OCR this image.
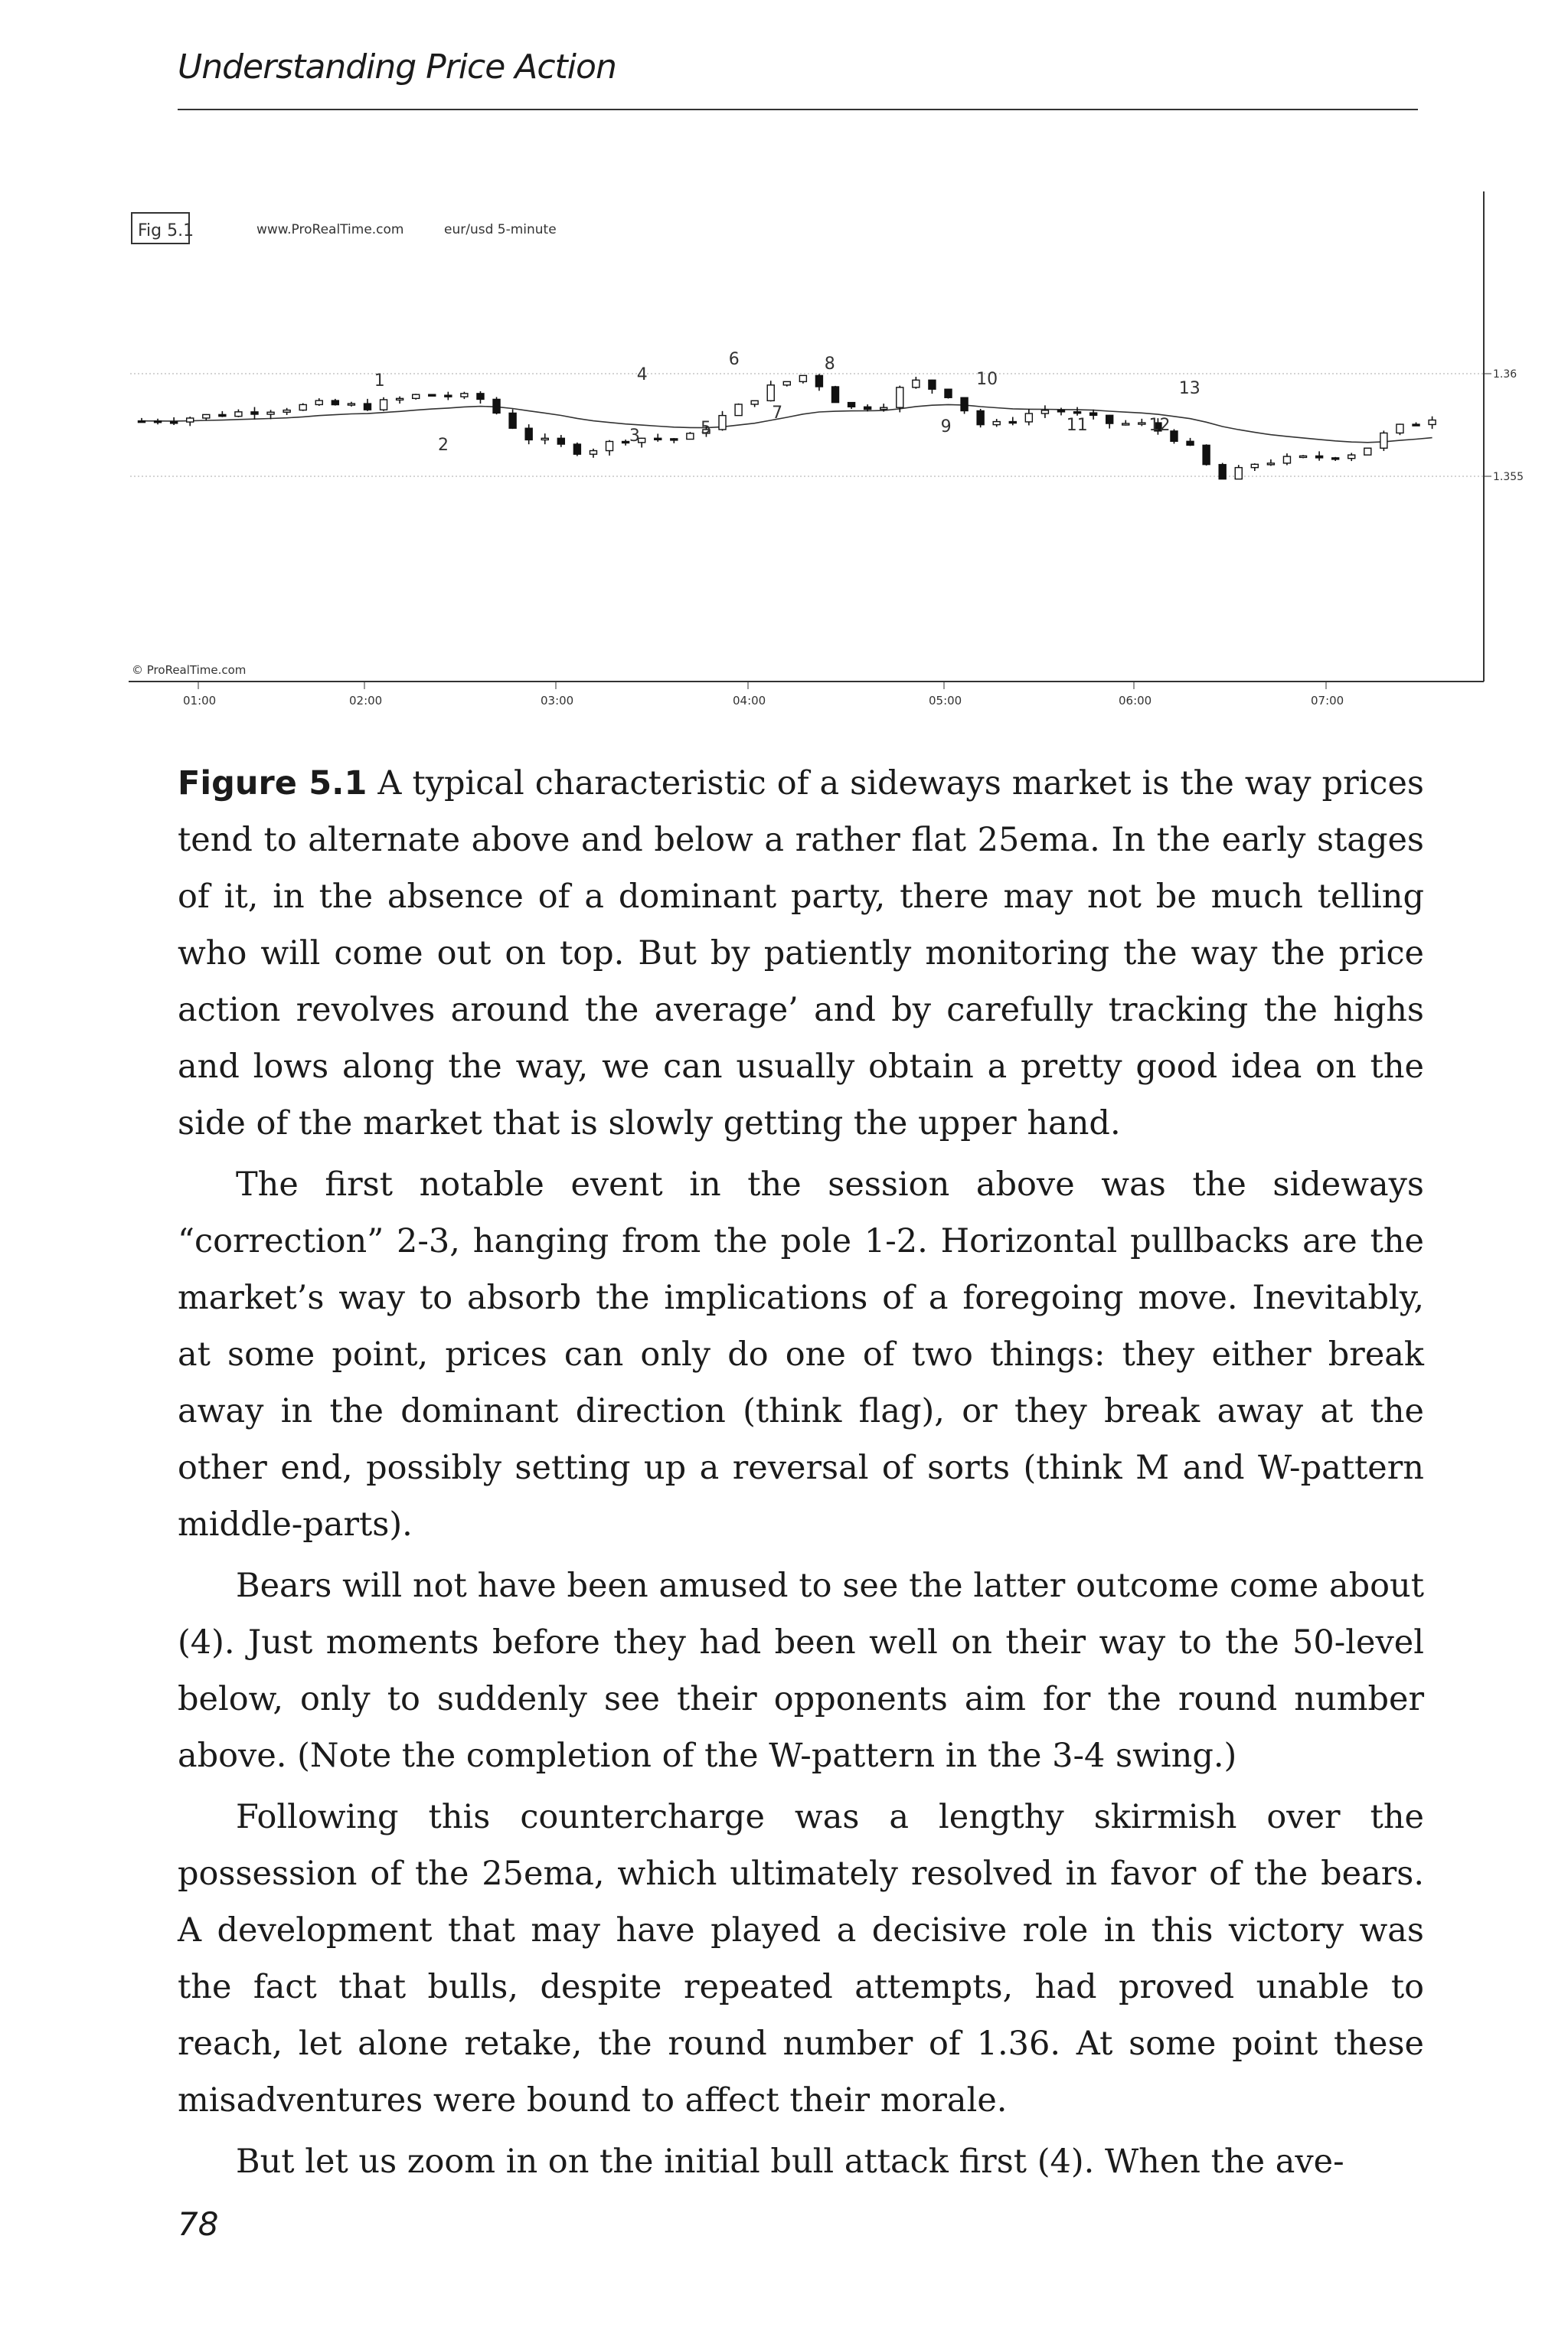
Understanding Price Action
Fig 5.1	www.ProRealTime.com	eur/usd 5-minute
© ProRealTime.com
1
2	3
4
5
6
7
8
9
10
11	12
13
1.36
1.355
01:00	02:00	03:00	04:00	05:00	06:00	07:00

Figure 5.1 A typical characteristic of a sideways market is the way prices tend to alternate above and below a rather flat 25ema. In the early stages of it, in the absence of a dominant party, there may not be much telling who will come out on top. But by patiently monitoring the way the price action revolves around the average’ and by carefully tracking the highs and lows along the way, we can usually obtain a pretty good idea on the side of the market that is slowly getting the upper hand.

The first notable event in the session above was the sideways “correction” 2-3, hanging from the pole 1-2. Horizontal pullbacks are the market’s way to absorb the implications of a foregoing move. Inevitably, at some point, prices can only do one of two things: they either break away in the dominant direction (think flag), or they break away at the other end, possibly setting up a reversal of sorts (think M and W-pattern middle-parts).

Bears will not have been amused to see the latter outcome come about (4). Just moments before they had been well on their way to the 50-level below, only to suddenly see their opponents aim for the round number above. (Note the completion of the W-pattern in the 3-4 swing.)

Following this countercharge was a lengthy skirmish over the possession of the 25ema, which ultimately resolved in favor of the bears. A development that may have played a decisive role in this victory was the fact that bulls, despite repeated attempts, had proved unable to reach, let alone retake, the round number of 1.36. At some point these misadventures were bound to affect their morale.

But let us zoom in on the initial bull attack first (4). When the ave-

78
